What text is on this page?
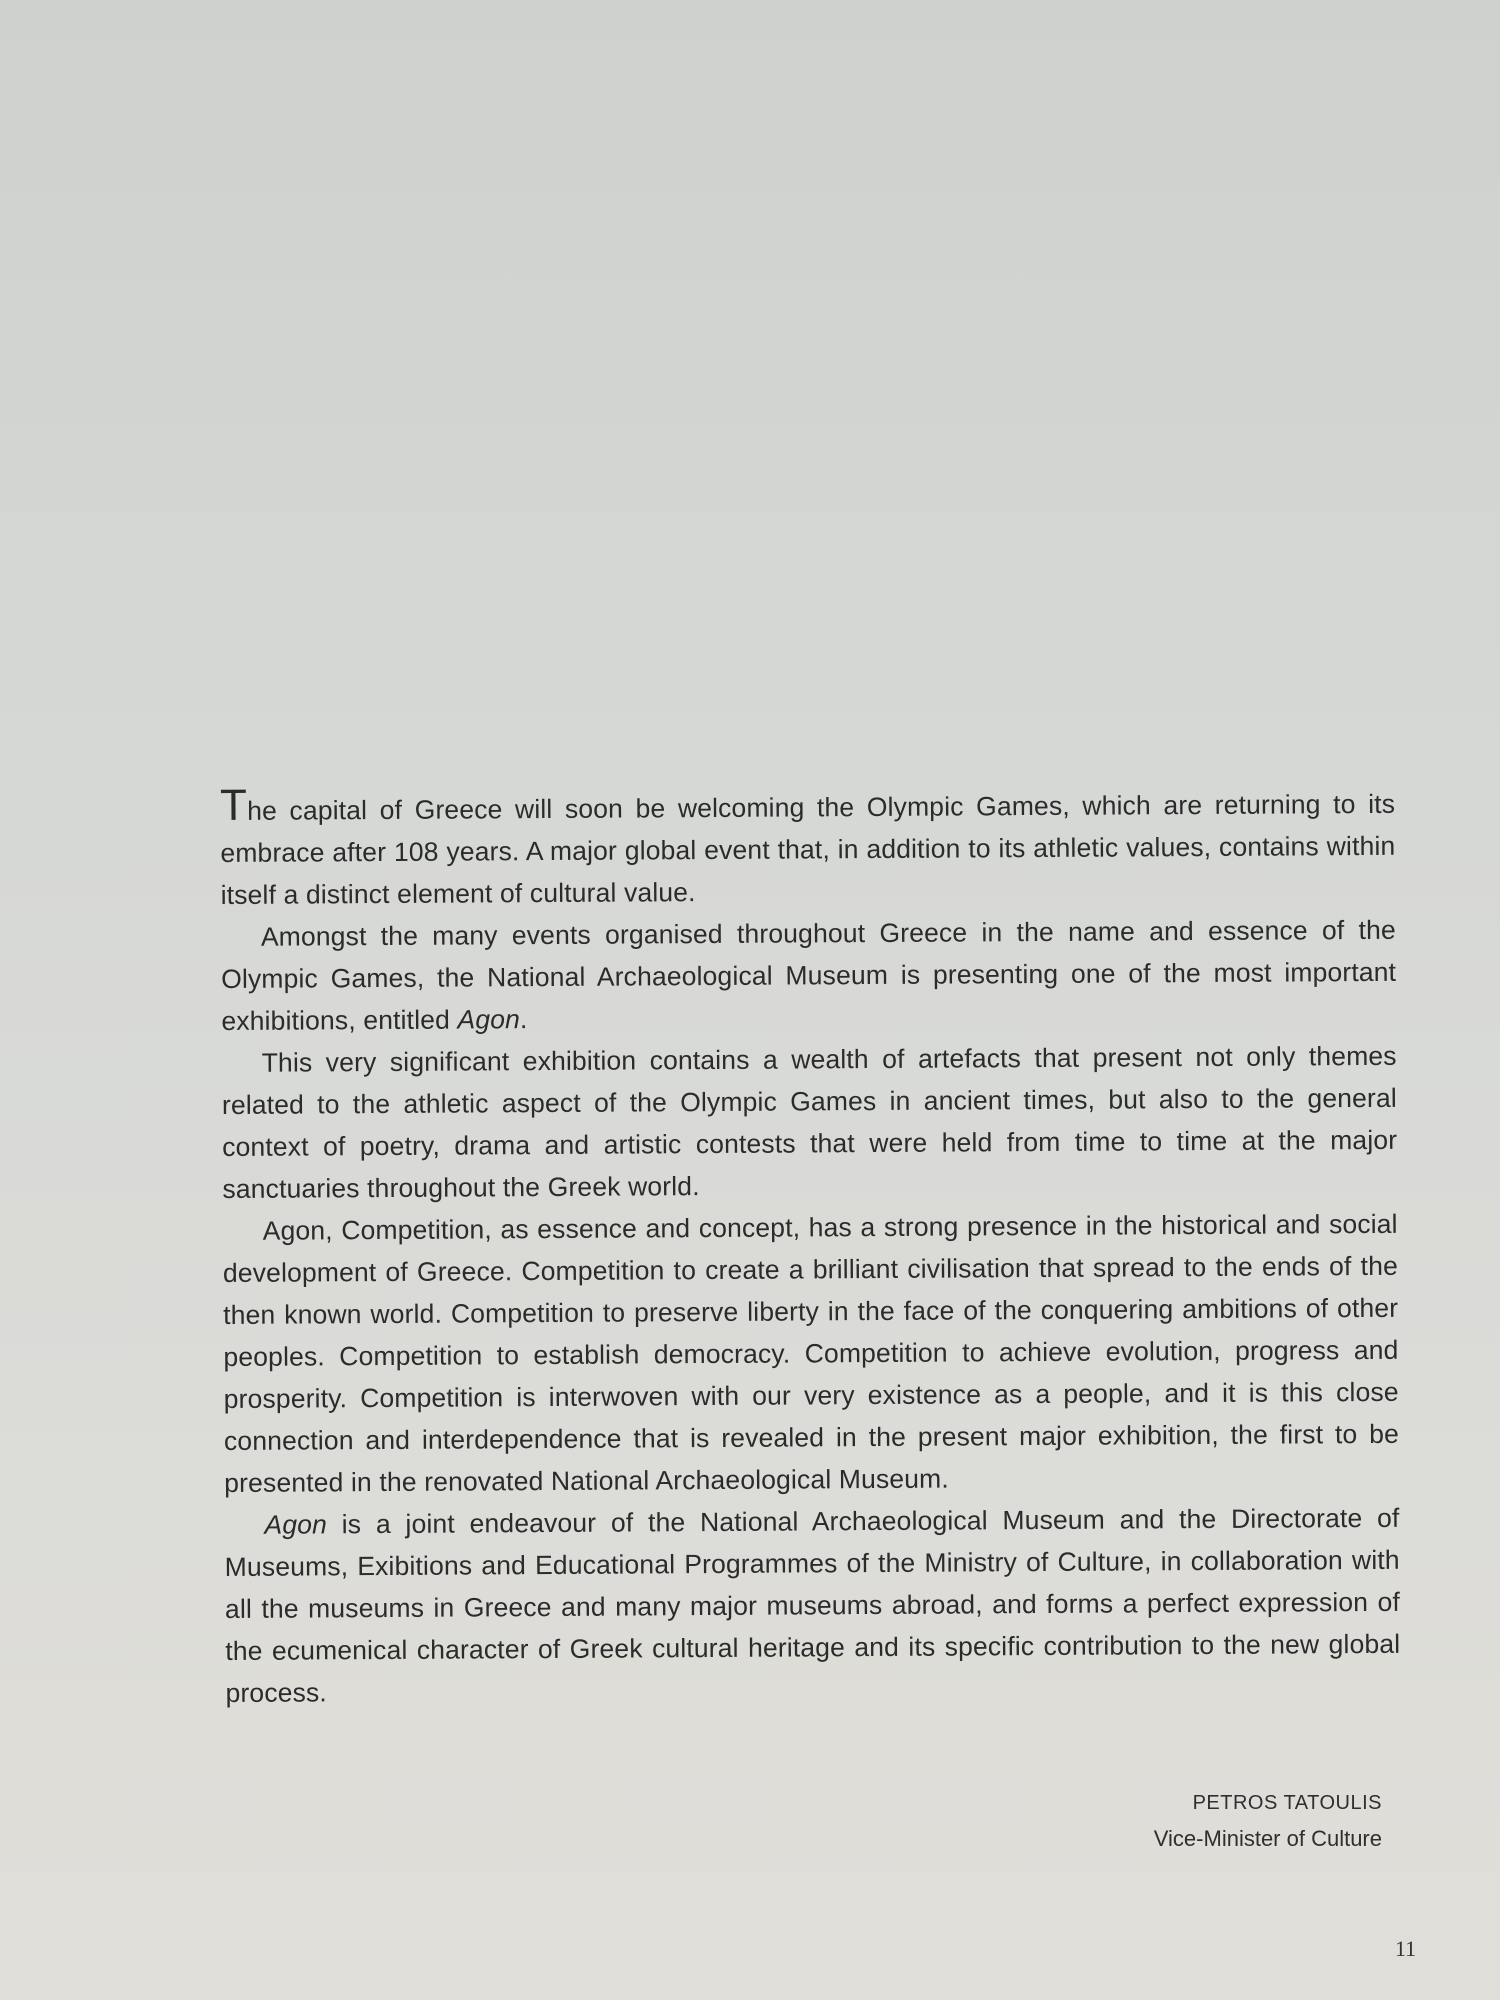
The capital of Greece will soon be welcoming the Olympic Games, which are returning to its embrace after 108 years. A major global event that, in addition to its athletic values, contains within itself a distinct element of cultural value.

Amongst the many events organised throughout Greece in the name and essence of the Olympic Games, the National Archaeological Museum is presenting one of the most important exhibitions, entitled Agon.

This very significant exhibition contains a wealth of artefacts that present not only themes related to the athletic aspect of the Olympic Games in ancient times, but also to the general context of poetry, drama and artistic contests that were held from time to time at the major sanctuaries throughout the Greek world.

Agon, Competition, as essence and concept, has a strong presence in the historical and social development of Greece. Competition to create a brilliant civilisation that spread to the ends of the then known world. Competition to preserve liberty in the face of the conquering ambitions of other peoples. Competition to establish democracy. Competition to achieve evolution, progress and prosperity. Competition is interwoven with our very existence as a people, and it is this close connection and interdependence that is revealed in the present major exhibition, the first to be presented in the renovated National Archaeological Museum.

Agon is a joint endeavour of the National Archaeological Museum and the Directorate of Museums, Exibitions and Educational Programmes of the Ministry of Culture, in collaboration with all the museums in Greece and many major museums abroad, and forms a perfect expression of the ecumenical character of Greek cultural heritage and its specific contribution to the new global process.

PETROS TATOULIS
Vice-Minister of Culture
11
